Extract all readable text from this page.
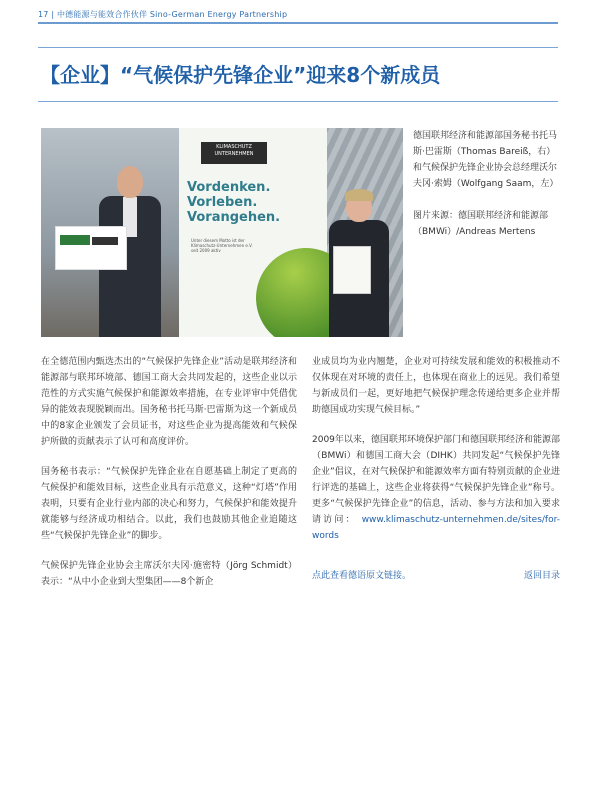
17 | 中德能源与能效合作伙伴 Sino-German Energy Partnership
【企业】“气候保护先锋企业”迎来8个新成员
KLIMASCHUTZ UNTERNEHMEN
Vordenken.
Vorleben.
Vorangehen.
Unter diesem Motto ist der Klimaschutz-Unternehmen e.V. seit 2009 aktiv

德国联邦经济和能源部国务秘书托马斯·巴雷斯（Thomas Bareiß，右）和气候保护先锋企业协会总经理沃尔夫冈·索姆（Wolfgang Saam，左）

图片来源：德国联邦经济和能源部（BMWi）/Andreas Mertens

在全德范围内甄选杰出的“气候保护先锋企业”活动是联邦经济和能源部与联邦环境部、德国工商大会共同发起的，这些企业以示范性的方式实施气候保护和能源效率措施，在专业评审中凭借优异的能效表现脱颖而出。国务秘书托马斯·巴雷斯为这一个新成员中的8家企业颁发了会员证书，对这些企业为提高能效和气候保护所做的贡献表示了认可和高度评价。

国务秘书表示：“气候保护先锋企业在自愿基础上制定了更高的气候保护和能效目标，这些企业具有示范意义，这种“灯塔”作用表明，只要有企业行业内部的决心和努力，气候保护和能效提升就能够与经济成功相结合。以此，我们也鼓励其他企业追随这些“气候保护先锋企业”的脚步。

气候保护先锋企业协会主席沃尔夫冈·施密特（Jörg Schmidt）表示：“从中小企业到大型集团——8个新企

业成员均为业内翘楚，企业对可持续发展和能效的积极推动不仅体现在对环境的责任上，也体现在商业上的远见。我们希望与新成员们一起，更好地把气候保护理念传递给更多企业并帮助德国成功实现气候目标。”

2009年以来，德国联邦环境保护部门和德国联邦经济和能源部（BMWi）和德国工商大会（DIHK）共同发起“气候保护先锋企业”倡议，在对气候保护和能源效率方面有特别贡献的企业进行评选的基础上，这些企业将获得“气候保护先锋企业”称号。更多“气候保护先锋企业”的信息，活动、参与方法和加入要求请访问： www.klimaschutz-unternehmen.de/sites/for-words

点此查看德语原文链接。	返回目录
